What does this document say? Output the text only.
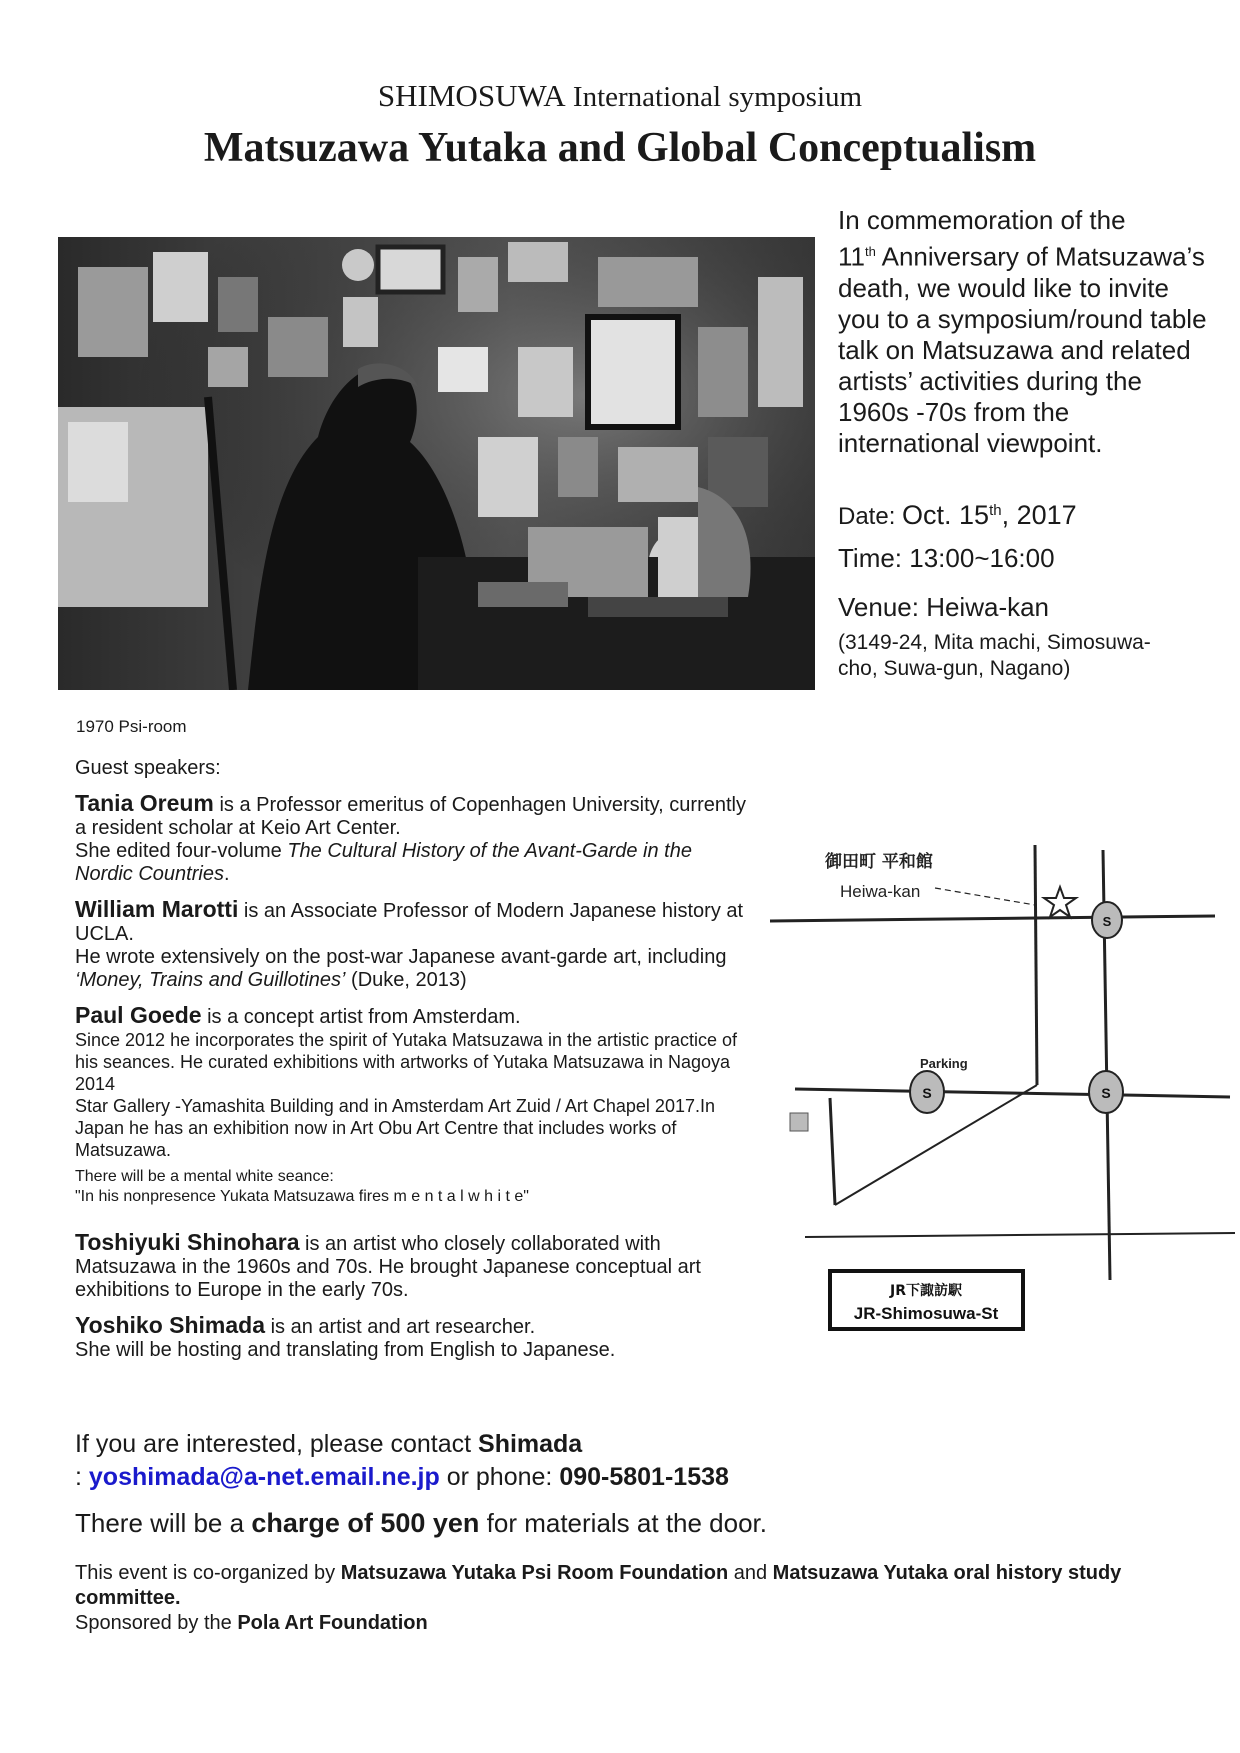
SHIMOSUWA International symposium
Matsuzawa Yutaka and Global Conceptualism
1970 Psi-room
In commemoration of the
11th Anniversary of Matsuzawa’s death, we would like to invite you to a symposium/round table talk on Matsuzawa and related artists’ activities during the 1960s -70s from the international viewpoint.
Date: Oct. 15th, 2017
Time: 13:00~16:00
Venue: Heiwa-kan
(3149-24, Mita machi, Simosuwa-cho, Suwa-gun, Nagano)
Guest speakers:
Tania Oreum is a Professor emeritus of Copenhagen University, currently a resident scholar at Keio Art Center.
She edited four-volume The Cultural History of the Avant-Garde in the Nordic Countries.
William Marotti is an Associate Professor of Modern Japanese history at UCLA.
He wrote extensively on the post-war Japanese avant-garde art, including ‘Money, Trains and Guillotines’ (Duke, 2013)
Paul Goede is a concept artist from Amsterdam.
Since 2012 he incorporates the spirit of Yutaka Matsuzawa in the artistic practice of his seances. He curated exhibitions with artworks of Yutaka Matsuzawa in Nagoya 2014
Star Gallery -Yamashita Building and in Amsterdam Art Zuid / Art Chapel 2017.In Japan he has an exhibition now in Art Obu Art Centre that includes works of Matsuzawa.
There will be a mental white seance:
"In his nonpresence Yukata Matsuzawa fires m e n t a l w h i t e"
Toshiyuki Shinohara is an artist who closely collaborated with Matsuzawa in the 1960s and 70s. He brought Japanese conceptual art exhibitions to Europe in the early 70s.
Yoshiko Shimada is an artist and art researcher.
She will be hosting and translating from English to Japanese.
If you are interested, please contact Shimada
: yoshimada@a-net.email.ne.jp or phone: 090-5801-1538
There will be a charge of 500 yen for materials at the door.
This event is co-organized by Matsuzawa Yutaka Psi Room Foundation and Matsuzawa Yutaka oral history study committee.
Sponsored by the Pola Art Foundation
S
S	S
御田町 平和館
Heiwa-kan
Parking
JR下諏訪駅
JR-Shimosuwa-St
